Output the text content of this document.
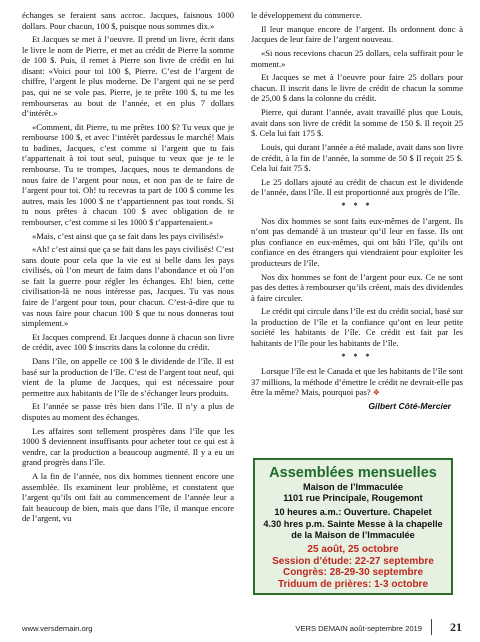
échanges se feraient sans accroc. Jacques, faisnous 1000 dollars. Pour chacun, 100 $, puisque nous sommes dix.»

Et Jacques se met à l’oeuvre. Il prend un livre, écrit dans le livre le nom de Pierre, et met au crédit de Pierre la somme de 100 $. Puis, il remet à Pierre son livre de crédit en lui disant: «Voici pour toi 100 $, Pierre. C’est de l’argent de chiffre, l’argent le plus moderne. De l’argent qui ne se perd pas, qui ne se vole pas. Pierre, je te prête 100 $, tu me les rembourseras au bout de l’année, et en plus 7 dollars d’intérêt.»

«Comment, dit Pierre, tu me prêtes 100 $? Tu veux que je rembourse 100 $, et avec l’intérêt pardessus le marché! Mais tu badines, Jacques, c’est comme si l’argent que tu fais t’appartenait à toi tout seul, puisque tu veux que je te le rembourse. Tu te trompes, Jacques, nous te demandons de nous faire de l’argent pour nous, et non pas de te faire de l’argent pour toi. Oh! tu recevras ta part de 100 $ comme les autres, mais les 1000 $ ne t’appartiennent pas tout ronds. Si tu nous prêtes à chacun 100 $ avec obligation de te rembourser, c’est comme si les 1000 $ t’appartenaient.»

«Mais, c’est ainsi que ça se fait dans les pays civilisés!»

«Ah! c’est ainsi que ça se fait dans les pays civilisés! C’est sans doute pour cela que la vie est si belle dans les pays civilisés, où l’on meurt de faim dans l’abondance et où l’on se fait la guerre pour régler les échanges. Eh! bien, cette civilisation-là ne nous intéresse pas, Jacques. Tu vas nous faire de l’argent pour tous, pour chacun. C’est-à-dire que tu vas nous faire pour chacun 100 $ que tu nous donneras tout simplement.»

Et Jacques comprend. Et Jacques donne à chacun son livre de crédit, avec 100 $ inscrits dans la colonne du crédit.

Dans l’île, on appelle ce 100 $ le dividende de l’île. Il est basé sur la production de l’île. C’est de l’argent tout neuf, qui vient de la plume de Jacques, qui est nécessaire pour permettre aux habitants de l’île de s’échanger leurs produits.

Et l’année se passe très bien dans l’île. Il n’y a plus de disputes au moment des échanges.

Les affaires sont tellement prospères dans l’île que les 1000 $ deviennent insuffisants pour acheter tout ce qui est à vendre, car la production a beaucoup augmenté. Il y a eu un grand progrès dans l’île.

A la fin de l’année, nos dix hommes tiennent encore une assemblée. Ils examinent leur problème, et constatent que l’argent qu’ils ont fait au commencement de l’année leur a fait beaucoup de bien, mais que dans l’île, il manque encore de l’argent, vu

le développement du commerce.

Il leur manque encore de l’argent. Ils ordonnent donc à Jacques de leur faire de l’argent nouveau.

«Si nous recevions chacun 25 dollars, cela suffirait pour le moment.»

Et Jacques se met à l’oeuvre pour faire 25 dollars pour chacun. Il inscrit dans le livre de crédit de chacun la somme de 25,00 $ dans la colonne du crédit.

Pierre, qui durant l’année, avait travaillé plus que Louis, avait dans son livre de crédit la somme de 150 $. Il reçoit 25 $. Cela lui fait 175 $.

Louis, qui durant l’année a été malade, avait dans son livre de crédit, à la fin de l’année, la somme de 50 $ Il reçoit 25 $. Cela lui fait 75 $.

Le 25 dollars ajouté au crédit de chacun est le dividende de l’année, dans l’île. Il est proportionné aux progrès de l’île.

* * *

Nos dix hommes se sont faits eux-mêmes de l’argent. Ils n’ont pas demandé à un trusteur qu’il leur en fasse. Ils ont plus confiance en eux-mêmes, qui ont bâti l’île, qu’ils ont confiance en des étrangers qui viendraient pour exploiter les producteurs de l’île.

Nos dix hommes se font de l’argent pour eux. Ce ne sont pas des dettes à rembourser qu’ils créent, mais des dividendes à faire circuler.

Le crédit qui circule dans l’île est du crédit social, basé sur la production de l’île et la confiance qu’ont en leur petite société les habitants de l’île. Ce crédit est fait par les habitants de l’île pour les habitants de l’île.

* * *

Lorsque l’île est le Canada et que les habitants de l’île sont 37 millions, la méthode d’émettre le crédit ne devrait-elle pas être la même? Mais, pourquoi pas? ❖

Gilbert Côté-Mercier
Assemblées mensuelles
Maison de l’Immaculée
1101 rue Principale, Rougemont
10 heures a.m.: Ouverture. Chapelet
4.30 hres p.m. Sainte Messe à la chapelle
de la Maison de l’Immaculée
25 août, 25 octobre
Session d’étude: 22-27 septembre
Congrès: 28-29-30 septembre
Triduum de prières: 1-3 octobre
www.versdemain.org	VERS DEMAIN août-septembre 2019 21
